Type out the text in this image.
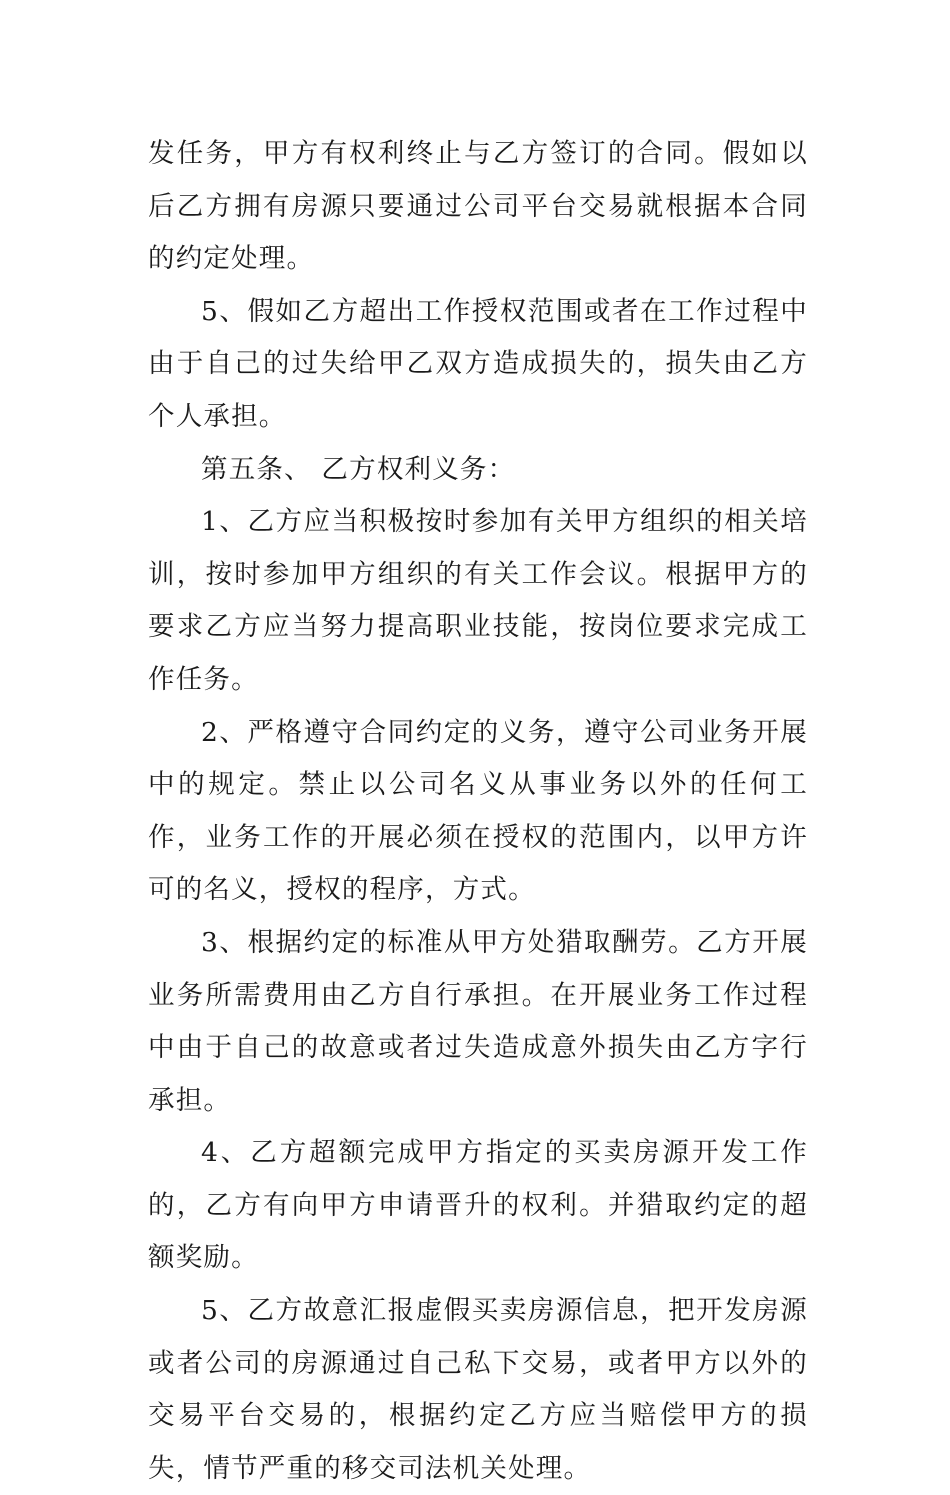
发任务，甲方有权利终止与乙方签订的合同。假如以后乙方拥有房源只要通过公司平台交易就根据本合同的约定处理。

5、假如乙方超出工作授权范围或者在工作过程中由于自己的过失给甲乙双方造成损失的，损失由乙方个人承担。

第五条、 乙方权利义务：

1、乙方应当积极按时参加有关甲方组织的相关培训，按时参加甲方组织的有关工作会议。根据甲方的要求乙方应当努力提高职业技能，按岗位要求完成工作任务。

2、严格遵守合同约定的义务，遵守公司业务开展中的规定。禁止以公司名义从事业务以外的任何工作，业务工作的开展必须在授权的范围内，以甲方许可的名义，授权的程序，方式。

3、根据约定的标准从甲方处猎取酬劳。乙方开展业务所需费用由乙方自行承担。在开展业务工作过程中由于自己的故意或者过失造成意外损失由乙方字行承担。

4、乙方超额完成甲方指定的买卖房源开发工作的，乙方有向甲方申请晋升的权利。并猎取约定的超额奖励。

5、乙方故意汇报虚假买卖房源信息，把开发房源或者公司的房源通过自己私下交易，或者甲方以外的交易平台交易的，根据约定乙方应当赔偿甲方的损失，情节严重的移交司法机关处理。
